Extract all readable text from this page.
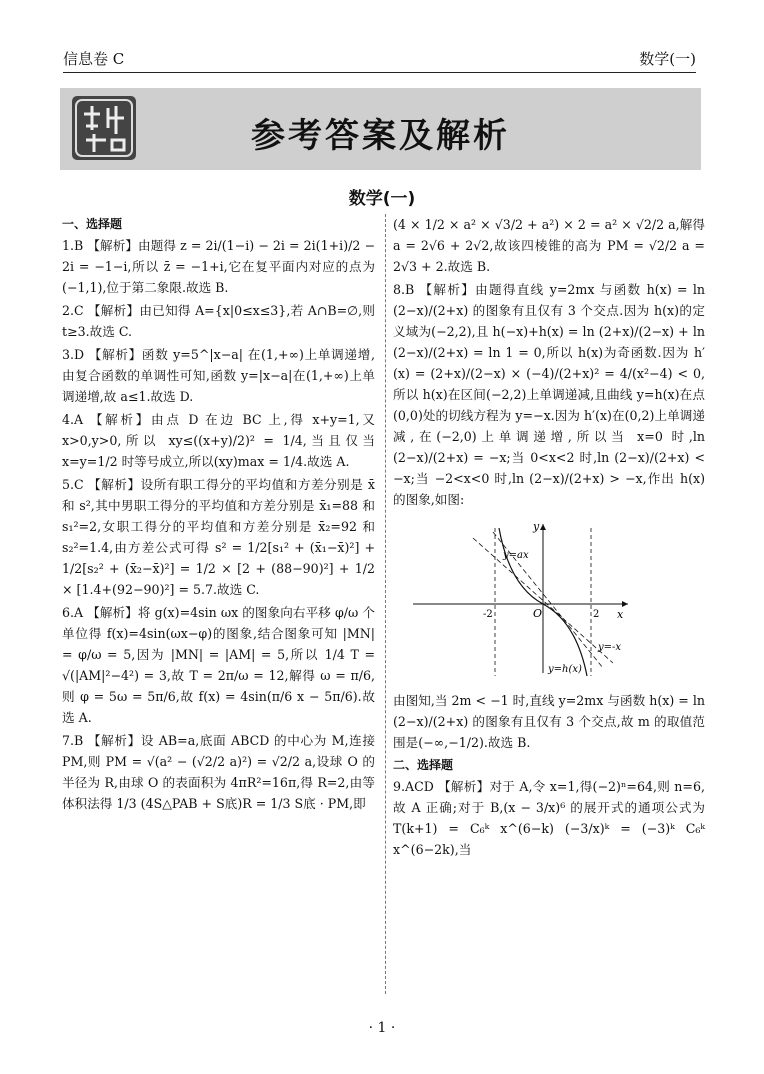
信息卷 C	数学(一)
参考答案及解析
数学(一)

一、选择题

1.B 【解析】由题得 z = 2i/(1−i) − 2i = 2i(1+i)/2 − 2i = −1−i,所以 z̄ = −1+i,它在复平面内对应的点为(−1,1),位于第二象限.故选 B.

2.C 【解析】由已知得 A={x|0≤x≤3},若 A∩B=∅,则 t≥3.故选 C.

3.D 【解析】函数 y=5^|x−a| 在(1,+∞)上单调递增,由复合函数的单调性可知,函数 y=|x−a|在(1,+∞)上单调递增,故 a≤1.故选 D.

4.A 【解析】由点 D 在边 BC 上,得 x+y=1,又 x>0,y>0,所以 xy≤((x+y)/2)² = 1/4,当且仅当 x=y=1/2 时等号成立,所以(xy)max = 1/4.故选 A.

5.C 【解析】设所有职工得分的平均值和方差分别是 x̄ 和 s²,其中男职工得分的平均值和方差分别是 x̄₁=88 和 s₁²=2,女职工得分的平均值和方差分别是 x̄₂=92 和 s₂²=1.4,由方差公式可得 s² = 1/2[s₁² + (x̄₁−x̄)²] + 1/2[s₂² + (x̄₂−x̄)²] = 1/2 × [2 + (88−90)²] + 1/2 × [1.4+(92−90)²] = 5.7.故选 C.

6.A 【解析】将 g(x)=4sin ωx 的图象向右平移 φ/ω 个单位得 f(x)=4sin(ωx−φ)的图象,结合图象可知 |MN| = φ/ω = 5,因为 |MN| = |AM| = 5,所以 1/4 T = √(|AM|²−4²) = 3,故 T = 2π/ω = 12,解得 ω = π/6,则 φ = 5ω = 5π/6,故 f(x) = 4sin(π/6 x − 5π/6).故选 A.

7.B 【解析】设 AB=a,底面 ABCD 的中心为 M,连接 PM,则 PM = √(a² − (√2/2 a)²) = √2/2 a,设球 O 的半径为 R,由球 O 的表面积为 4πR²=16π,得 R=2,由等体积法得 1/3 (4S△PAB + S底)R = 1/3 S底 · PM,即

(4 × 1/2 × a² × √3/2 + a²) × 2 = a² × √2/2 a,解得 a = 2√6 + 2√2,故该四棱锥的高为 PM = √2/2 a = 2√3 + 2.故选 B.

8.B 【解析】由题得直线 y=2mx 与函数 h(x) = ln (2−x)/(2+x) 的图象有且仅有 3 个交点.因为 h(x)的定义域为(−2,2),且 h(−x)+h(x) = ln (2+x)/(2−x) + ln (2−x)/(2+x) = ln 1 = 0,所以 h(x)为奇函数.因为 h′(x) = (2+x)/(2−x) × (−4)/(2+x)² = 4/(x²−4) < 0,所以 h(x)在区间(−2,2)上单调递减,且曲线 y=h(x)在点(0,0)处的切线方程为 y=−x.因为 h′(x)在(0,2)上单调递减,在(−2,0)上单调递增,所以当 x=0 时,ln (2−x)/(2+x) = −x;当 0<x<2 时,ln (2−x)/(2+x) < −x;当 −2<x<0 时,ln (2−x)/(2+x) > −x,作出 h(x)的图象,如图:

y
x
O
-2	2
y=ax
y=-x
y=h(x)

由图知,当 2m < −1 时,直线 y=2mx 与函数 h(x) = ln (2−x)/(2+x) 的图象有且仅有 3 个交点,故 m 的取值范围是(−∞,−1/2).故选 B.

二、选择题

9.ACD 【解析】对于 A,令 x=1,得(−2)ⁿ=64,则 n=6,故 A 正确;对于 B,(x − 3/x)⁶ 的展开式的通项公式为 T(k+1) = C₆ᵏ x^(6−k) (−3/x)ᵏ = (−3)ᵏ C₆ᵏ x^(6−2k),当

· 1 ·
